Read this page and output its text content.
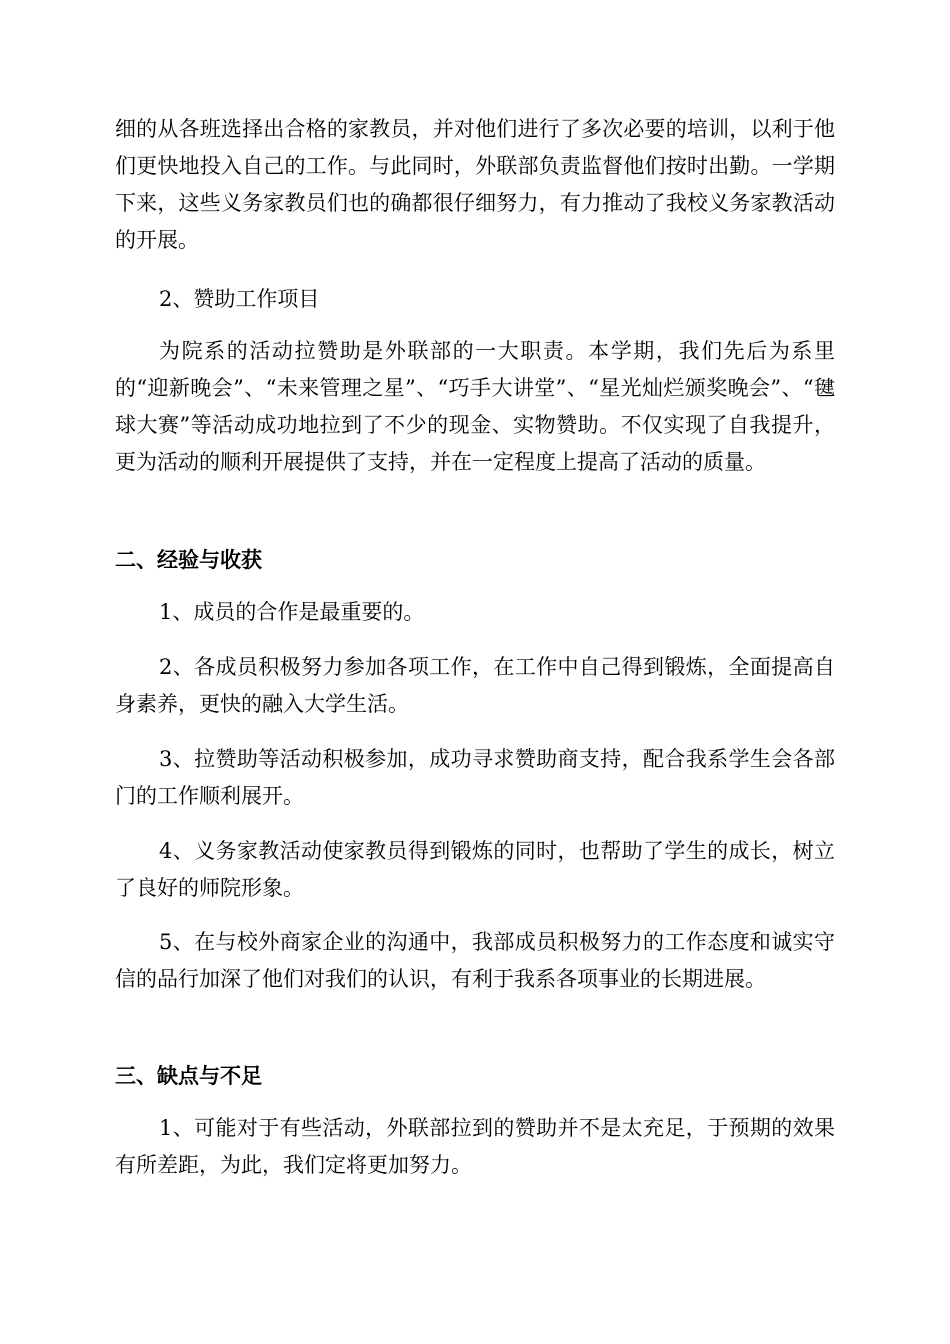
细的从各班选择出合格的家教员，并对他们进行了多次必要的培训，以利于他们更快地投入自己的工作。与此同时，外联部负责监督他们按时出勤。一学期下来，这些义务家教员们也的确都很仔细努力，有力推动了我校义务家教活动的开展。

2、赞助工作项目

为院系的活动拉赞助是外联部的一大职责。本学期，我们先后为系里的“迎新晚会”、“未来管理之星”、“巧手大讲堂”、“星光灿烂颁奖晚会”、“毽球大赛”等活动成功地拉到了不少的现金、实物赞助。不仅实现了自我提升，更为活动的顺利开展提供了支持，并在一定程度上提高了活动的质量。

二、经验与收获

1、成员的合作是最重要的。

2、各成员积极努力参加各项工作，在工作中自己得到锻炼，全面提高自身素养，更快的融入大学生活。

3、拉赞助等活动积极参加，成功寻求赞助商支持，配合我系学生会各部门的工作顺利展开。

4、义务家教活动使家教员得到锻炼的同时，也帮助了学生的成长，树立了良好的师院形象。

5、在与校外商家企业的沟通中，我部成员积极努力的工作态度和诚实守信的品行加深了他们对我们的认识，有利于我系各项事业的长期进展。

三、缺点与不足

1、可能对于有些活动，外联部拉到的赞助并不是太充足，于预期的效果有所差距，为此，我们定将更加努力。
